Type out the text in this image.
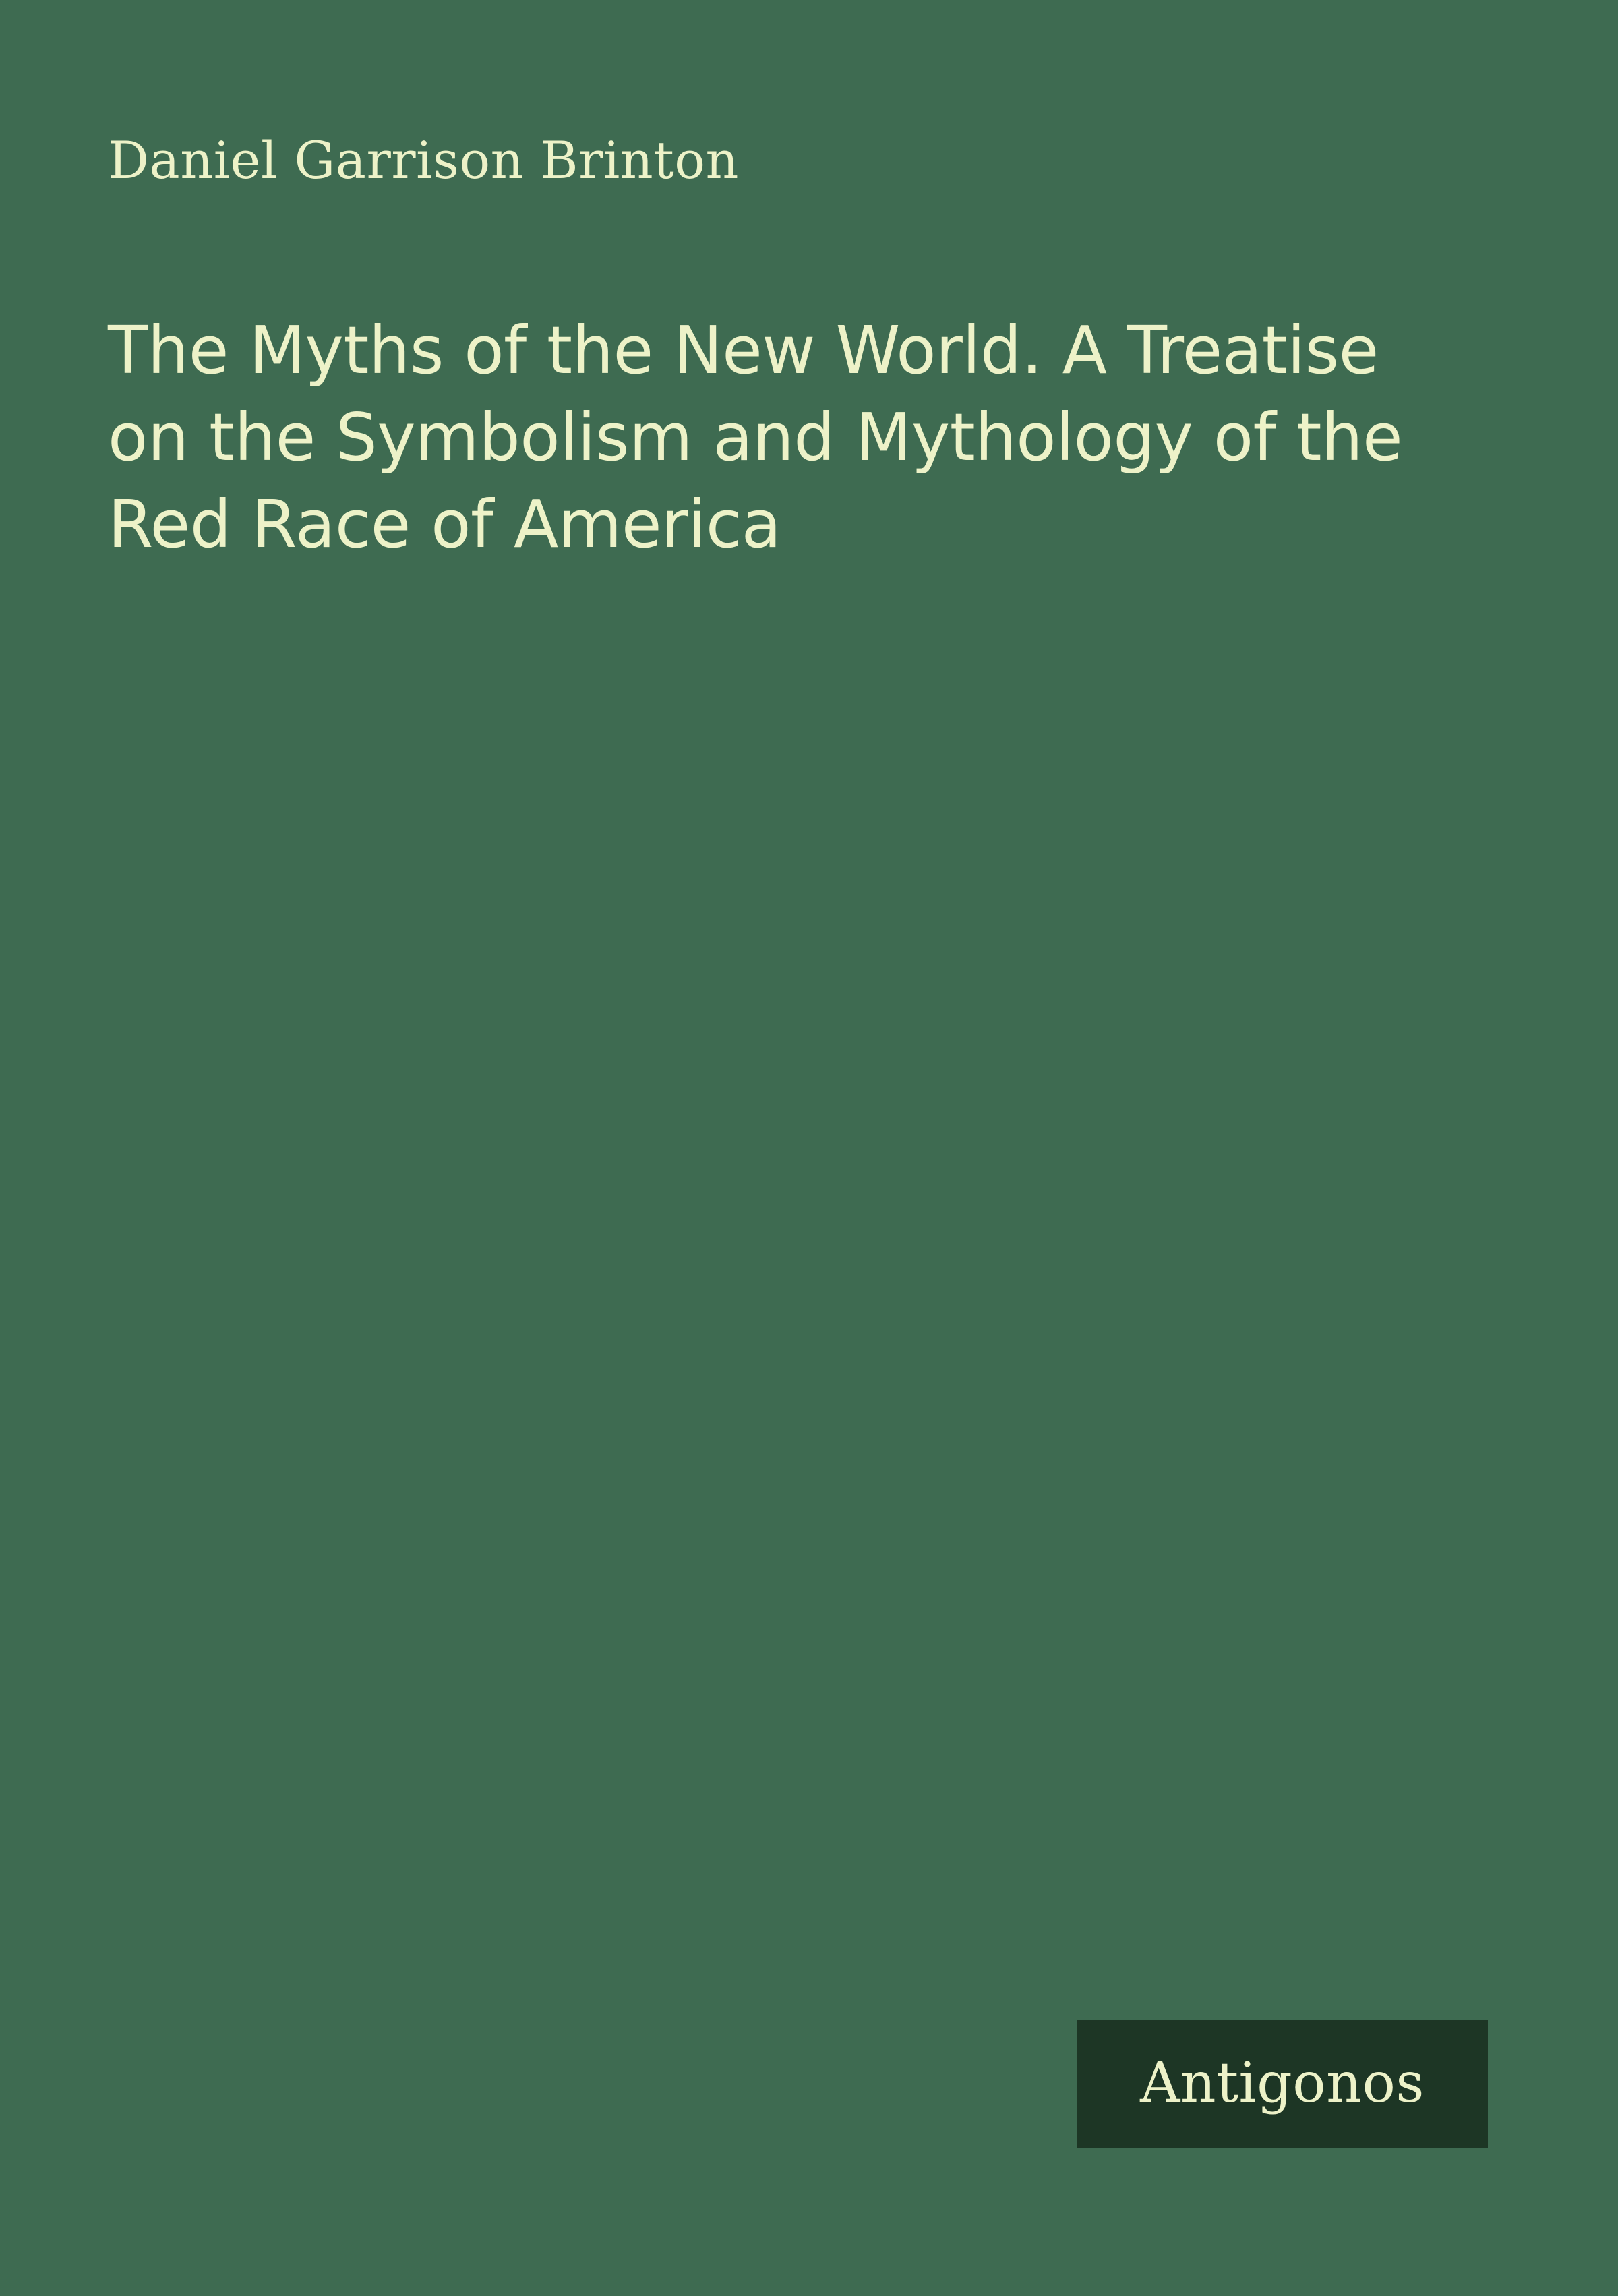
Daniel Garrison Brinton
The Myths of the New World. A Treatise on the Symbolism and Mythology of the Red Race of America
Antigonos
